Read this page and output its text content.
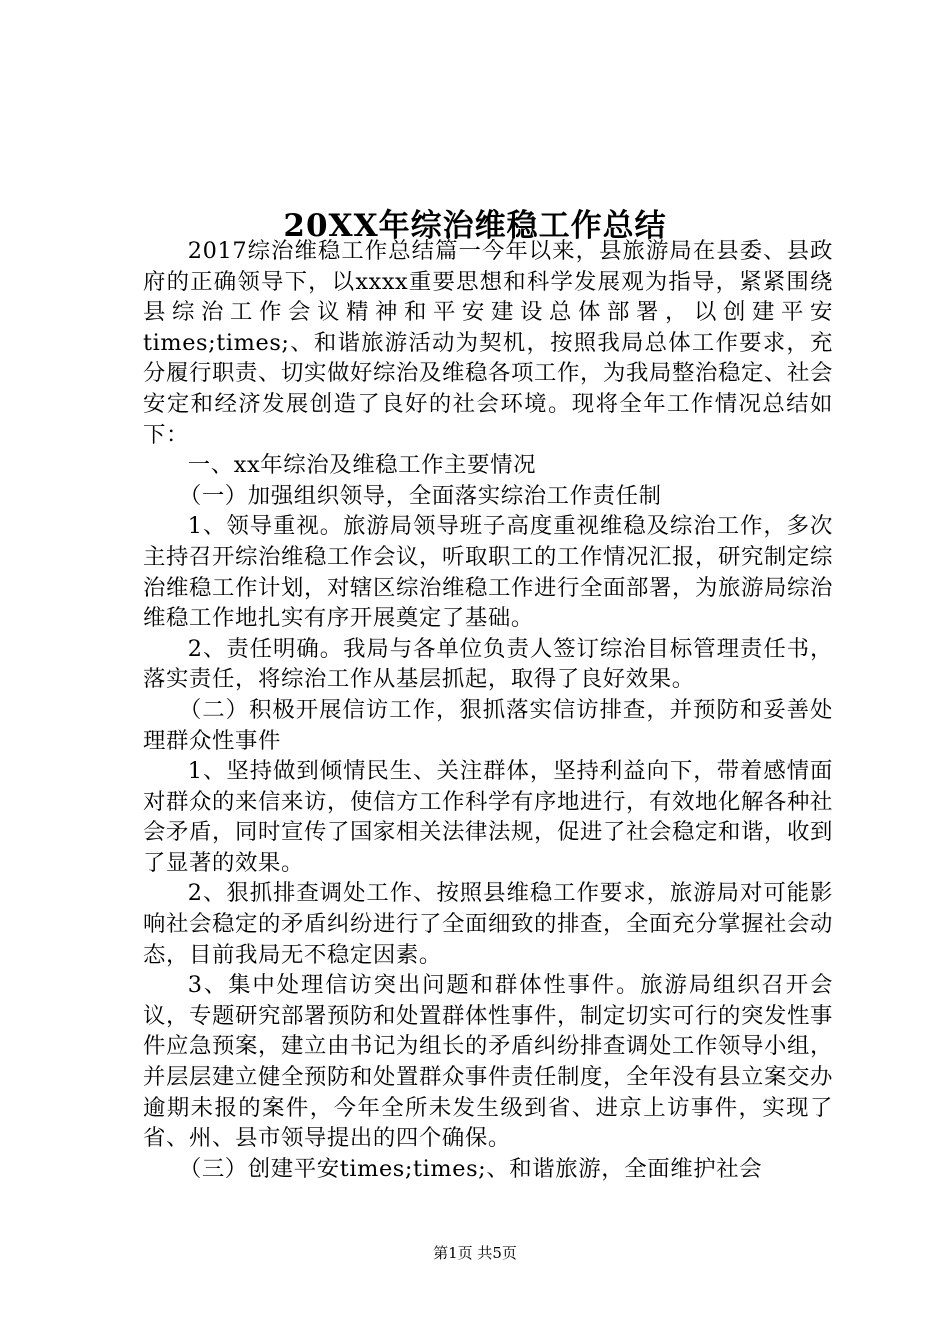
20XX年综治维稳工作总结

2017综治维稳工作总结篇一今年以来，县旅游局在县委、县政府的正确领导下，以xxxx重要思想和科学发展观为指导，紧紧围绕县综治工作会议精神和平安建设总体部署，以创建平安times;times;、和谐旅游活动为契机，按照我局总体工作要求，充分履行职责、切实做好综治及维稳各项工作，为我局整治稳定、社会安定和经济发展创造了良好的社会环境。现将全年工作情况总结如下：

一、xx年综治及维稳工作主要情况

（一）加强组织领导，全面落实综治工作责任制

1、领导重视。旅游局领导班子高度重视维稳及综治工作，多次主持召开综治维稳工作会议，听取职工的工作情况汇报，研究制定综治维稳工作计划，对辖区综治维稳工作进行全面部署，为旅游局综治维稳工作地扎实有序开展奠定了基础。

2、责任明确。我局与各单位负责人签订综治目标管理责任书，落实责任，将综治工作从基层抓起，取得了良好效果。

（二）积极开展信访工作，狠抓落实信访排查，并预防和妥善处理群众性事件

1、坚持做到倾情民生、关注群体，坚持利益向下，带着感情面对群众的来信来访，使信方工作科学有序地进行，有效地化解各种社会矛盾，同时宣传了国家相关法律法规，促进了社会稳定和谐，收到了显著的效果。

2、狠抓排查调处工作、按照县维稳工作要求，旅游局对可能影响社会稳定的矛盾纠纷进行了全面细致的排查，全面充分掌握社会动态，目前我局无不稳定因素。

3、集中处理信访突出问题和群体性事件。旅游局组织召开会议，专题研究部署预防和处置群体性事件，制定切实可行的突发性事件应急预案，建立由书记为组长的矛盾纠纷排查调处工作领导小组，并层层建立健全预防和处置群众事件责任制度，全年没有县立案交办逾期未报的案件，今年全所未发生级到省、进京上访事件，实现了省、州、县市领导提出的四个确保。

（三）创建平安times;times;、和谐旅游，全面维护社会

第1页 共5页
